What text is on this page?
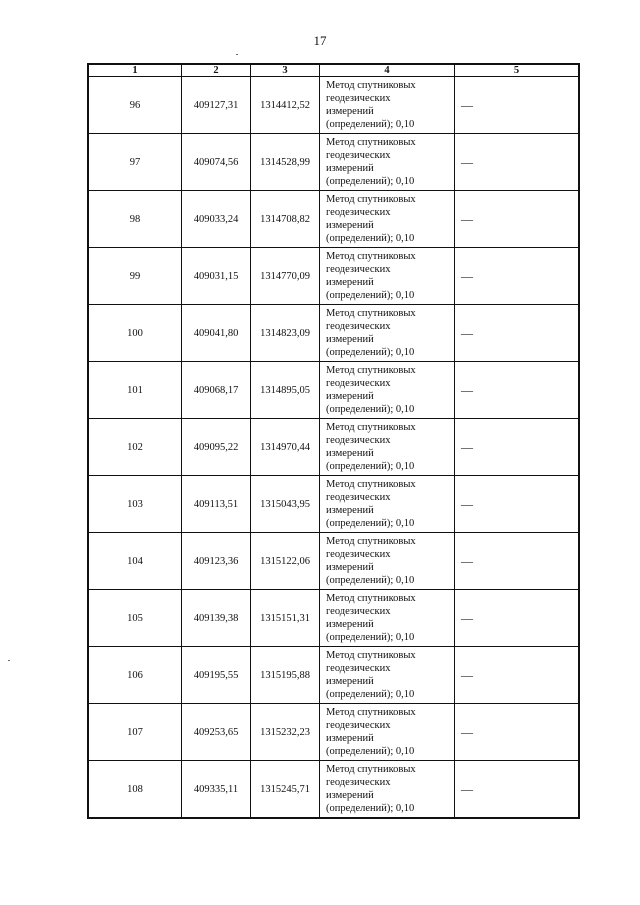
17
1	2	3	4	5
96	409127,31	1314412,52	Метод спутниковых
геодезических
измерений
(определений); 0,10	—
97	409074,56	1314528,99	Метод спутниковых
геодезических
измерений
(определений); 0,10	—
98	409033,24	1314708,82	Метод спутниковых
геодезических
измерений
(определений); 0,10	—
99	409031,15	1314770,09	Метод спутниковых
геодезических
измерений
(определений); 0,10	—
100	409041,80	1314823,09	Метод спутниковых
геодезических
измерений
(определений); 0,10	—
101	409068,17	1314895,05	Метод спутниковых
геодезических
измерений
(определений); 0,10	—
102	409095,22	1314970,44	Метод спутниковых
геодезических
измерений
(определений); 0,10	—
103	409113,51	1315043,95	Метод спутниковых
геодезических
измерений
(определений); 0,10	—
104	409123,36	1315122,06	Метод спутниковых
геодезических
измерений
(определений); 0,10	—
105	409139,38	1315151,31	Метод спутниковых
геодезических
измерений
(определений); 0,10	—
106	409195,55	1315195,88	Метод спутниковых
геодезических
измерений
(определений); 0,10	—
107	409253,65	1315232,23	Метод спутниковых
геодезических
измерений
(определений); 0,10	—
108	409335,11	1315245,71	Метод спутниковых
геодезических
измерений
(определений); 0,10	—
